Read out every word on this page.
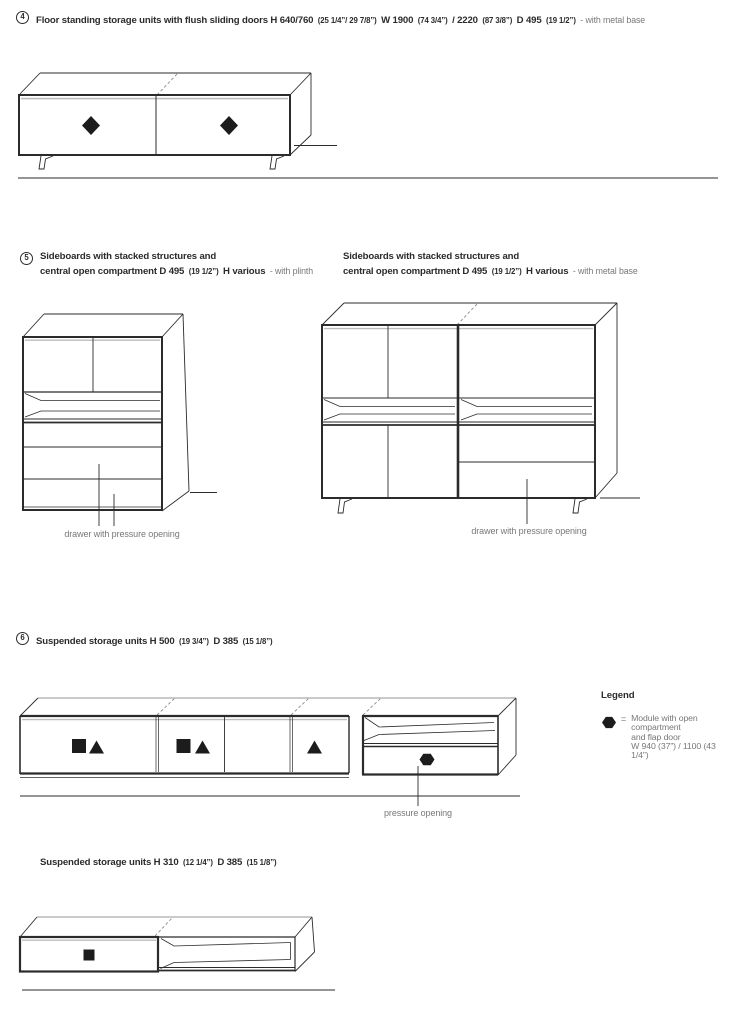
4	Floor standing storage units with flush sliding doors H 640/760 (25 1/4”/ 29 7/8”) W 1900 (74 3/4”) / 2220 (87 3/8”) D 495 (19 1/2”) - with metal base
5	Sideboards with stacked structures and
central open compartment D 495 (19 1/2”) H various - with plinth
Sideboards with stacked structures and
central open compartment D 495 (19 1/2”) H various - with metal base
6	Suspended storage units H 500 (19 3/4”) D 385 (15 1/8”)
Suspended storage units H 310 (12 1/4”) D 385 (15 1/8”)
drawer with pressure opening	drawer with pressure opening
pressure opening
Legend
= Module with open
compartment
and flap door
W 940 (37”) / 1100 (43 1/4”)
